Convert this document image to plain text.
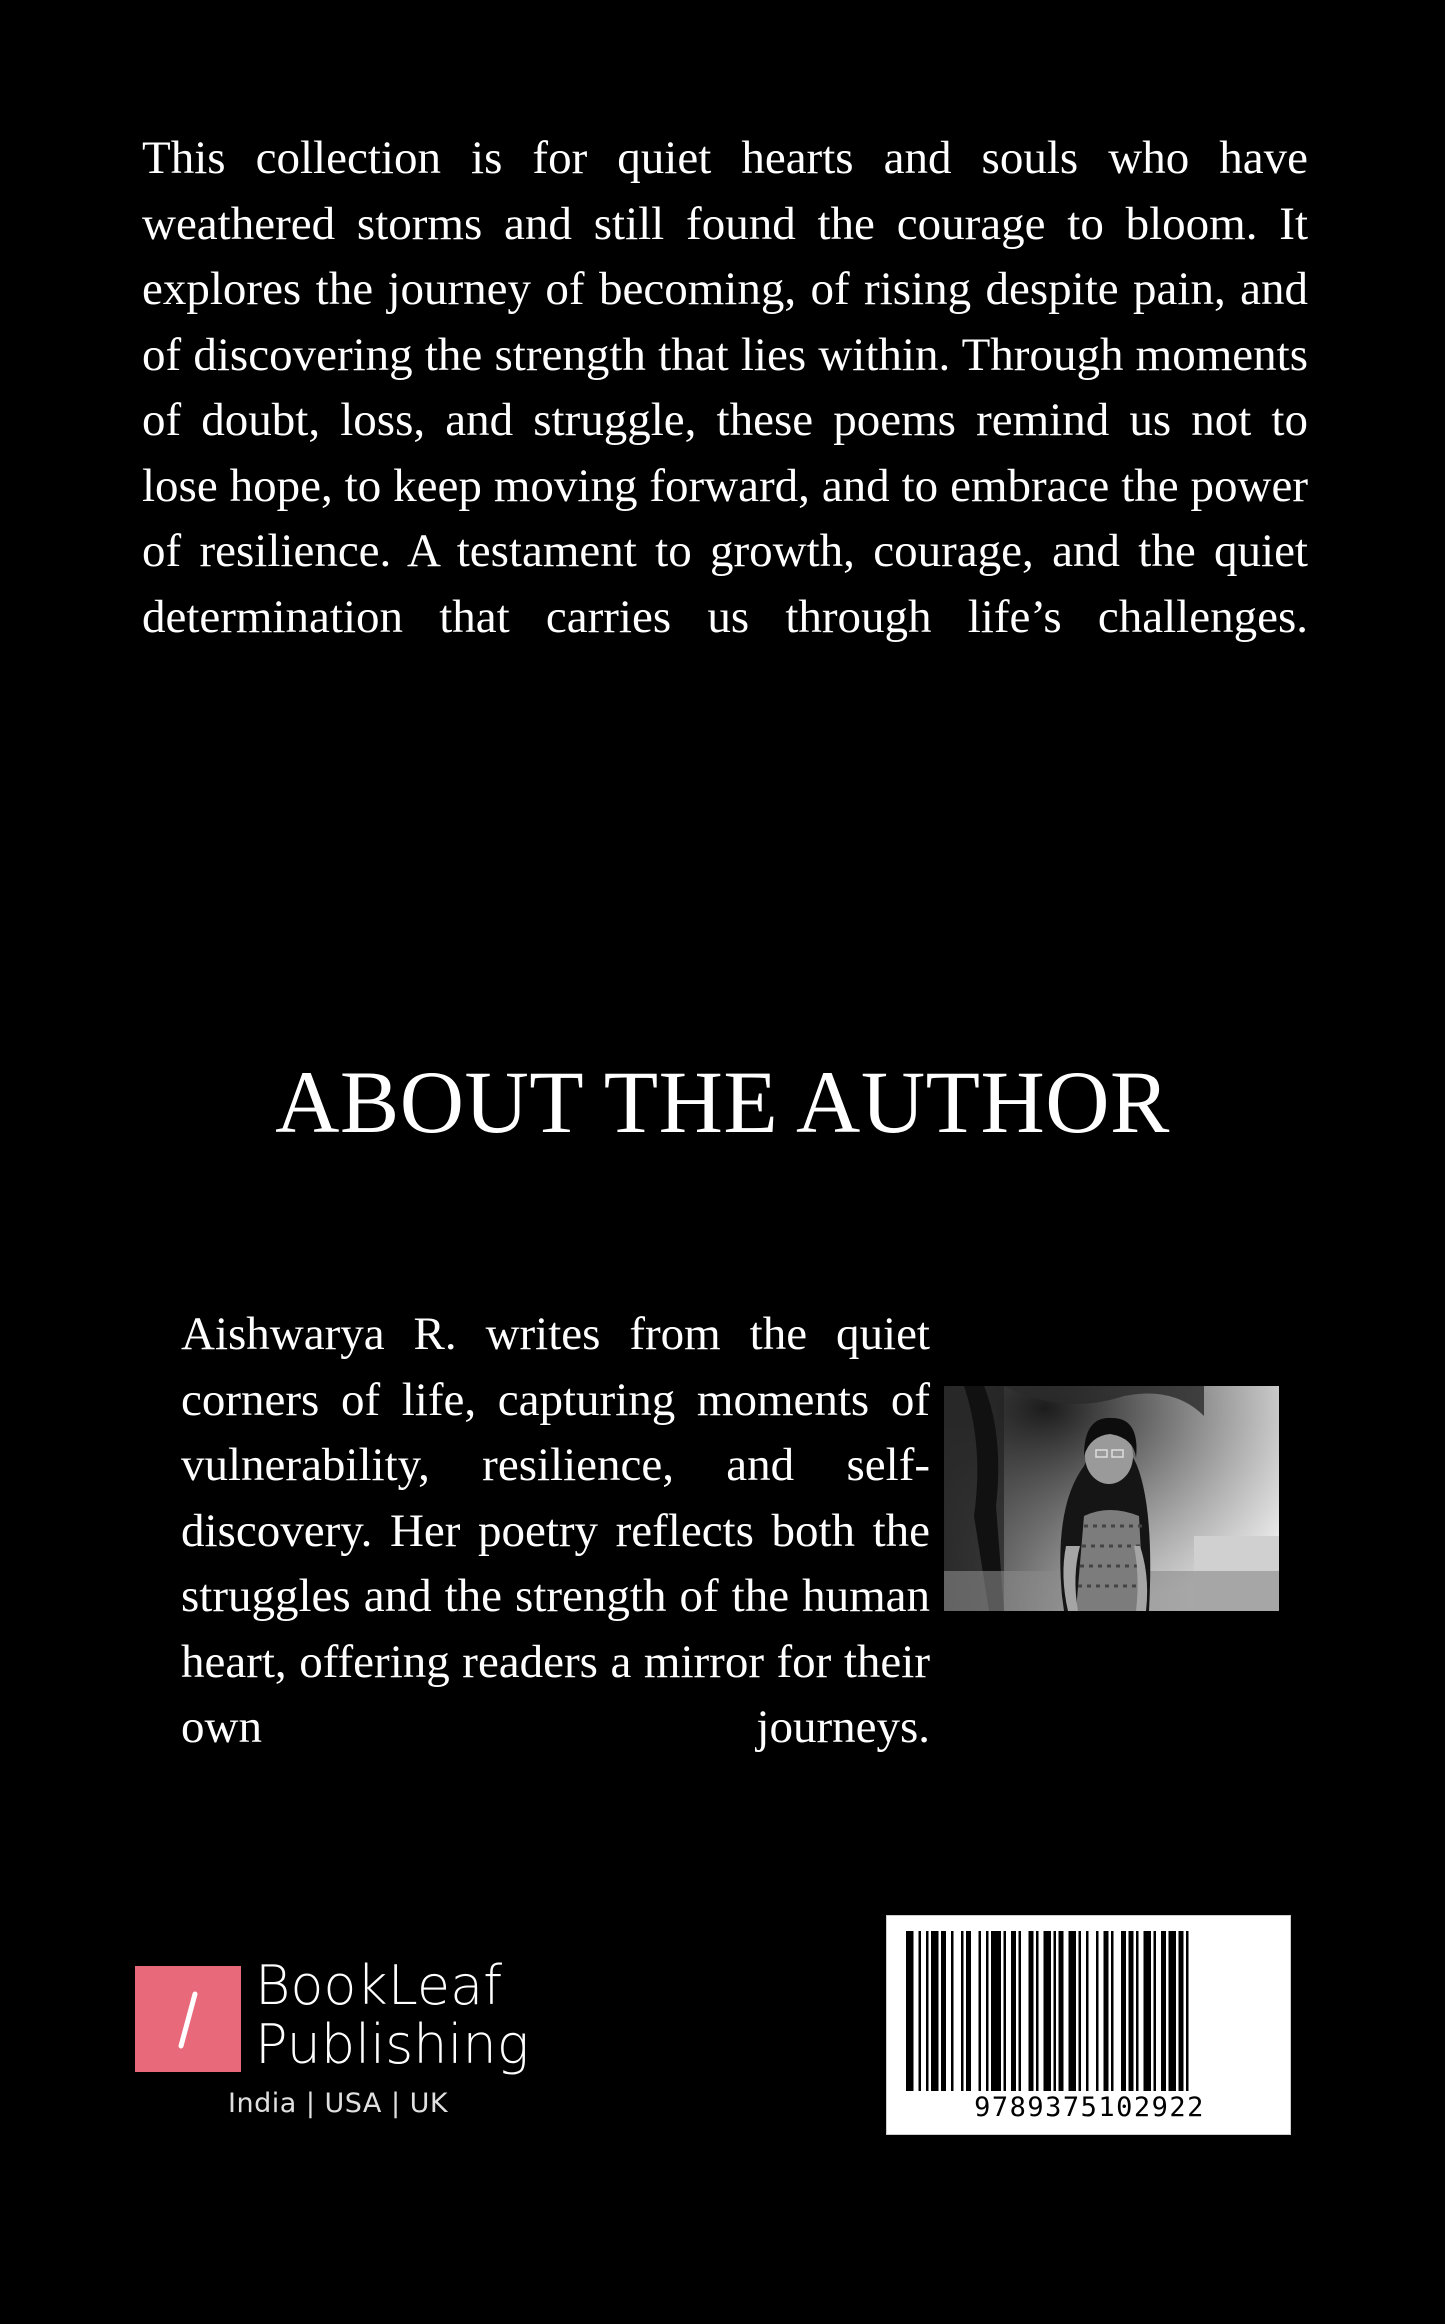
This collection is for quiet hearts and souls who have weathered storms and still found the courage to bloom. It explores the journey of becoming, of rising despite pain, and of discovering the strength that lies within. Through moments of doubt, loss, and struggle, these poems remind us not to lose hope, to keep moving forward, and to embrace the power of resilience. A testament to growth, courage, and the quiet determination that carries us through life’s challenges.

ABOUT THE AUTHOR

Aishwarya R. writes from the quiet corners of life, capturing moments of vulnerability, resilience, and self-discovery. Her poetry reflects both the struggles and the strength of the human heart, offering readers a mirror for their own journeys.

BookLeaf
Publishing
India | USA | UK	9789375102922
